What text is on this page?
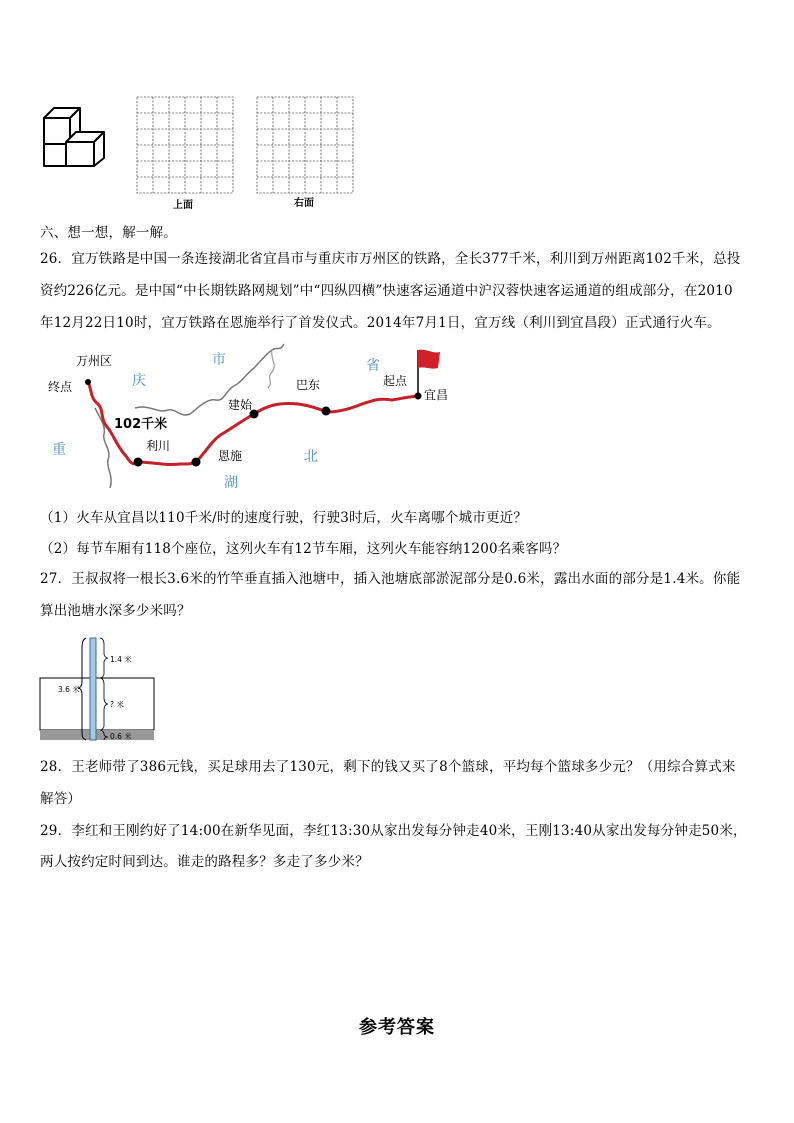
上面	右面
六、想一想，解一解。
26．宜万铁路是中国一条连接湖北省宜昌市与重庆市万州区的铁路，全长377千米，利川到万州距离102千米，总投
资约226亿元。是中国“中长期铁路网规划”中“四纵四横”快速客运通道中沪汉蓉快速客运通道的组成部分，在2010
年12月22日10时，宜万铁路在恩施举行了首发仪式。2014年7月1日，宜万线（利川到宜昌段）正式通行火车。
万州区
终点
102千米
利川
恩施
建始
巴东	起点
宜昌
庆
市	省
北
湖
重
（1）火车从宜昌以110千米/时的速度行驶，行驶3时后，火车离哪个城市更近？
（2）每节车厢有118个座位，这列火车有12节车厢，这列火车能容纳1200名乘客吗？
27．王叔叔将一根长3.6米的竹竿垂直插入池塘中，插入池塘底部淤泥部分是0.6米，露出水面的部分是1.4米。你能
算出池塘水深多少米吗？
3.6 米
1.4 米
? 米
0.6 米
28．王老师带了386元钱，买足球用去了130元，剩下的钱又买了8个篮球，平均每个篮球多少元？（用综合算式来
解答）
29．李红和王刚约好了14:00在新华见面，李红13:30从家出发每分钟走40米，王刚13:40从家出发每分钟走50米，
两人按约定时间到达。谁走的路程多？多走了多少米？
参考答案
